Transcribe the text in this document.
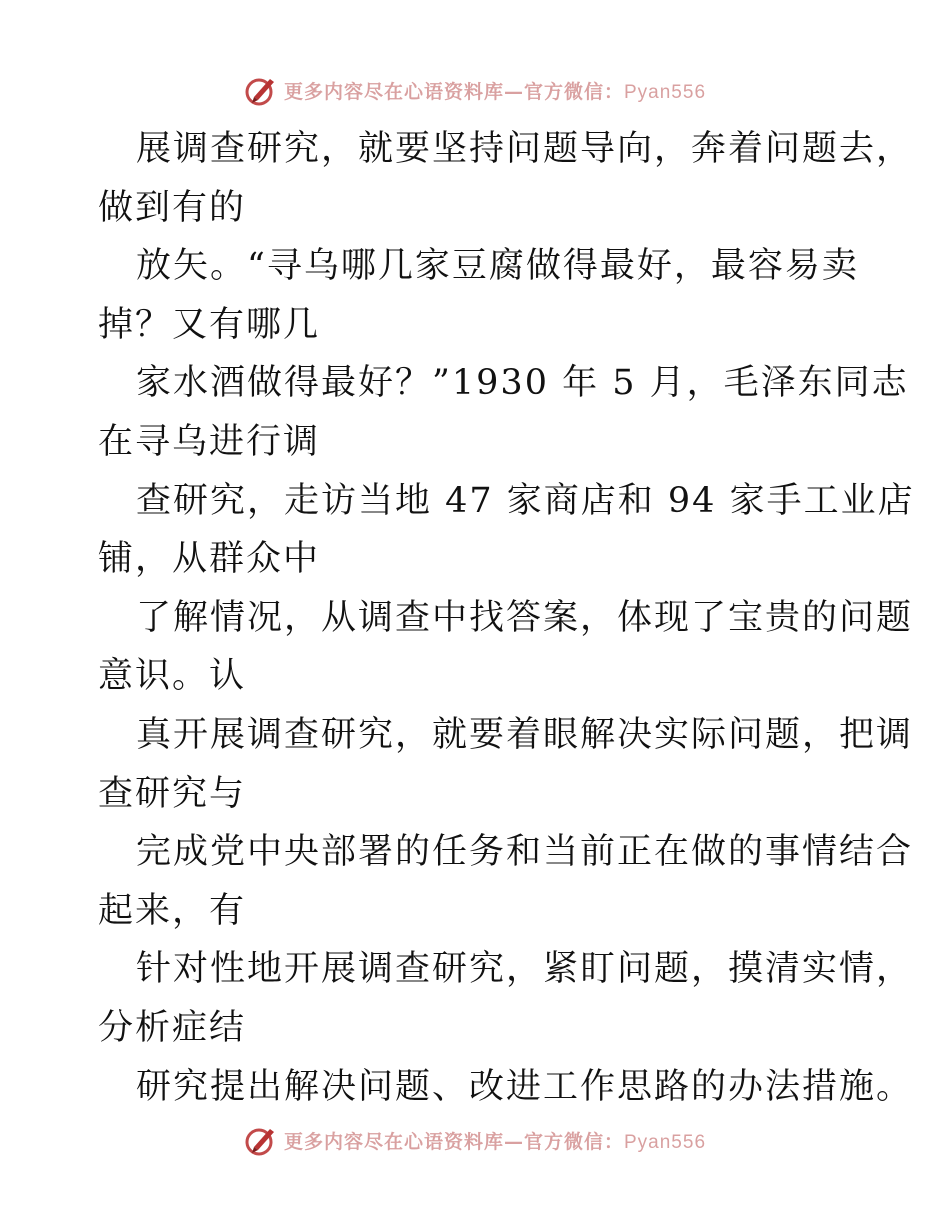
更多内容尽在心语资料库—官方微信：Pyan556
展调查研究，就要坚持问题导向，奔着问题去，
做到有的
放矢。“寻乌哪几家豆腐做得最好，最容易卖
掉？又有哪几
家水酒做得最好？”1930 年 5 月，毛泽东同志
在寻乌进行调
查研究，走访当地 47 家商店和 94 家手工业店
铺，从群众中
了解情况，从调查中找答案，体现了宝贵的问题
意识。认
真开展调查研究，就要着眼解决实际问题，把调
查研究与
完成党中央部署的任务和当前正在做的事情结合
起来，有
针对性地开展调查研究，紧盯问题，摸清实情，
分析症结
研究提出解决问题、改进工作思路的办法措施。
更多内容尽在心语资料库—官方微信：Pyan556
